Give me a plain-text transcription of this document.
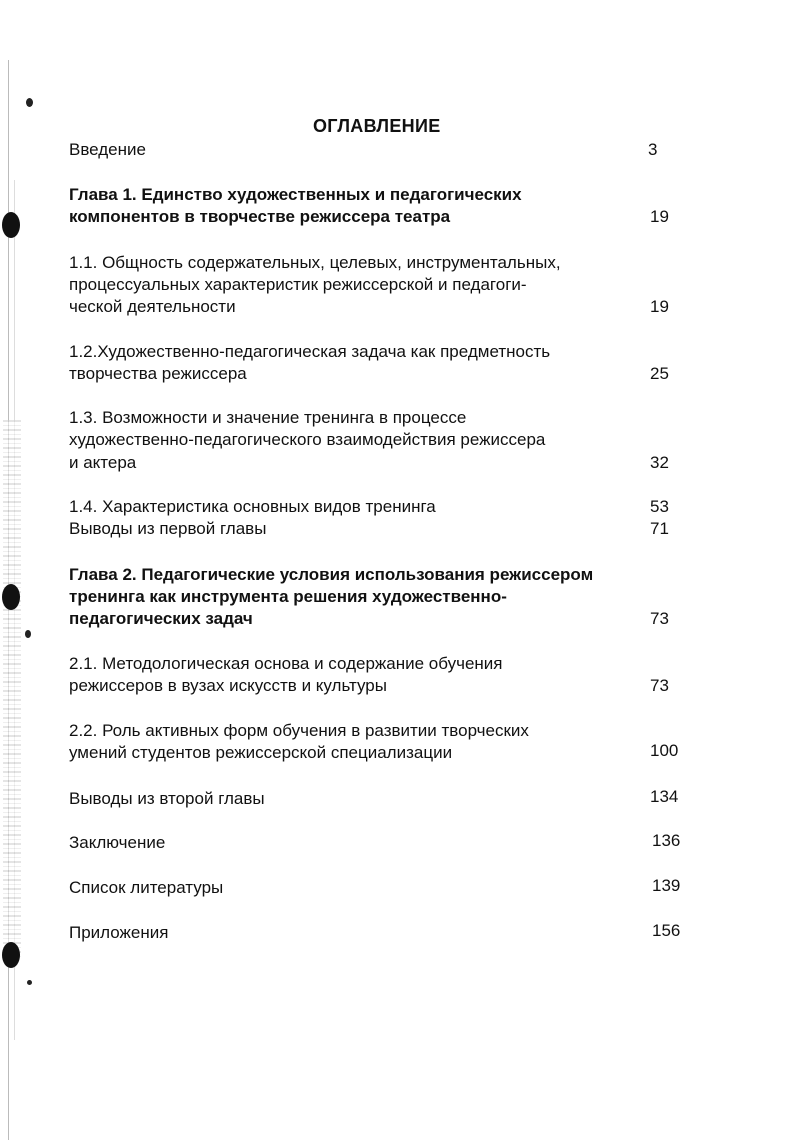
ОГЛАВЛЕНИЕ
Введение	3
Глава 1. Единство художественных и педагогических
компонентов в творчестве режиссера театра	19
1.1. Общность содержательных, целевых, инструментальных,
процессуальных характеристик режиссерской и педагоги-
ческой деятельности	19
1.2.Художественно-педагогическая задача как предметность
творчества режиссера	25
1.3. Возможности и значение тренинга в процессе
художественно-педагогического взаимодействия режиссера
и актера	32
1.4. Характеристика основных видов тренинга	53
Выводы из первой главы	71
Глава 2. Педагогические условия использования режиссером
тренинга как инструмента решения художественно-
педагогических задач	73
2.1. Методологическая основа и содержание обучения
режиссеров в вузах искусств и культуры	73
2.2. Роль активных форм обучения в развитии творческих
умений студентов режиссерской специализации	100
Выводы из второй главы	134
Заключение	136
Список литературы	139
Приложения	156
